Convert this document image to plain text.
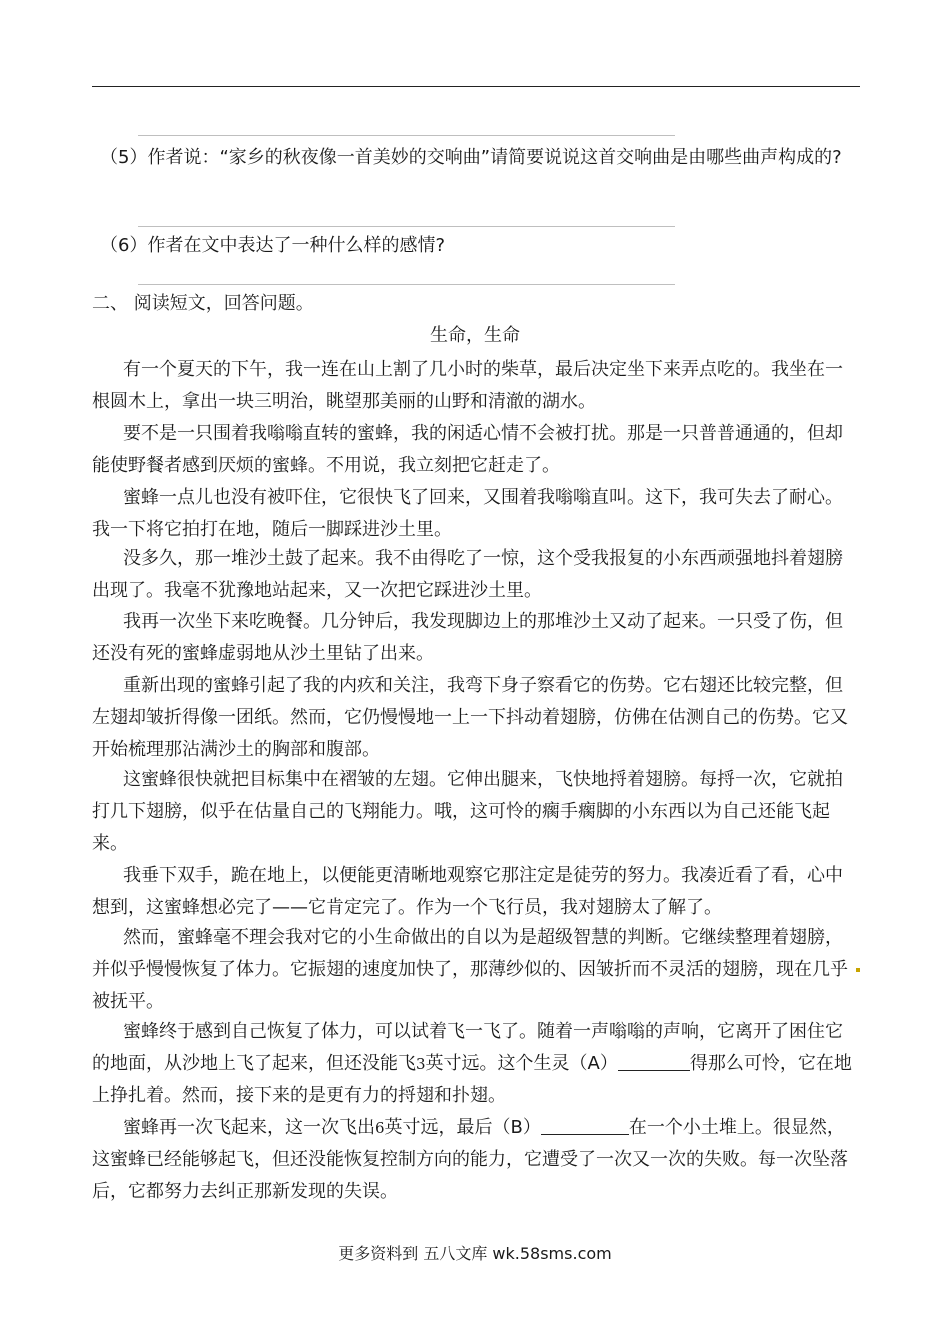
（5）作者说：“家乡的秋夜像一首美妙的交响曲”请简要说说这首交响曲是由哪些曲声构成的?

（6）作者在文中表达了一种什么样的感情?

二、 阅读短文，回答问题。

生命，生命

有一个夏天的下午，我一连在山上割了几小时的柴草，最后决定坐下来弄点吃的。我坐在一根圆木上，拿出一块三明治，眺望那美丽的山野和清澈的湖水。

要不是一只围着我嗡嗡直转的蜜蜂，我的闲适心情不会被打扰。那是一只普普通通的，但却能使野餐者感到厌烦的蜜蜂。不用说，我立刻把它赶走了。

蜜蜂一点儿也没有被吓住，它很快飞了回来，又围着我嗡嗡直叫。这下，我可失去了耐心。我一下将它拍打在地，随后一脚踩进沙土里。

没多久，那一堆沙土鼓了起来。我不由得吃了一惊，这个受我报复的小东西顽强地抖着翅膀出现了。我毫不犹豫地站起来，又一次把它踩进沙土里。

我再一次坐下来吃晚餐。几分钟后，我发现脚边上的那堆沙土又动了起来。一只受了伤，但还没有死的蜜蜂虚弱地从沙土里钻了出来。

重新出现的蜜蜂引起了我的内疚和关注，我弯下身子察看它的伤势。它右翅还比较完整，但左翅却皱折得像一团纸。然而，它仍慢慢地一上一下抖动着翅膀，仿佛在估测自己的伤势。它又开始梳理那沾满沙土的胸部和腹部。

这蜜蜂很快就把目标集中在褶皱的左翅。它伸出腿来，飞快地捋着翅膀。每捋一次，它就拍打几下翅膀，似乎在估量自己的飞翔能力。哦，这可怜的瘸手瘸脚的小东西以为自己还能飞起来。

我垂下双手，跪在地上，以便能更清晰地观察它那注定是徒劳的努力。我凑近看了看，心中想到，这蜜蜂想必完了——它肯定完了。作为一个飞行员，我对翅膀太了解了。

然而，蜜蜂毫不理会我对它的小生命做出的自以为是超级智慧的判断。它继续整理着翅膀，并似乎慢慢恢复了体力。它振翅的速度加快了，那薄纱似的、因皱折而不灵活的翅膀，现在几乎被抚平。

蜜蜂终于感到自己恢复了体力，可以试着飞一飞了。随着一声嗡嗡的声响，它离开了困住它的地面，从沙地上飞了起来，但还没能飞3英寸远。这个生灵（A）	得那么可怜，它在地上挣扎着。然而，接下来的是更有力的捋翅和扑翅。

蜜蜂再一次飞起来，这一次飞出6英寸远，最后（B）	在一个小土堆上。很显然，这蜜蜂已经能够起飞，但还没能恢复控制方向的能力，它遭受了一次又一次的失败。每一次坠落后，它都努力去纠正那新发现的失误。

更多资料到 五八文库 wk.58sms.com
